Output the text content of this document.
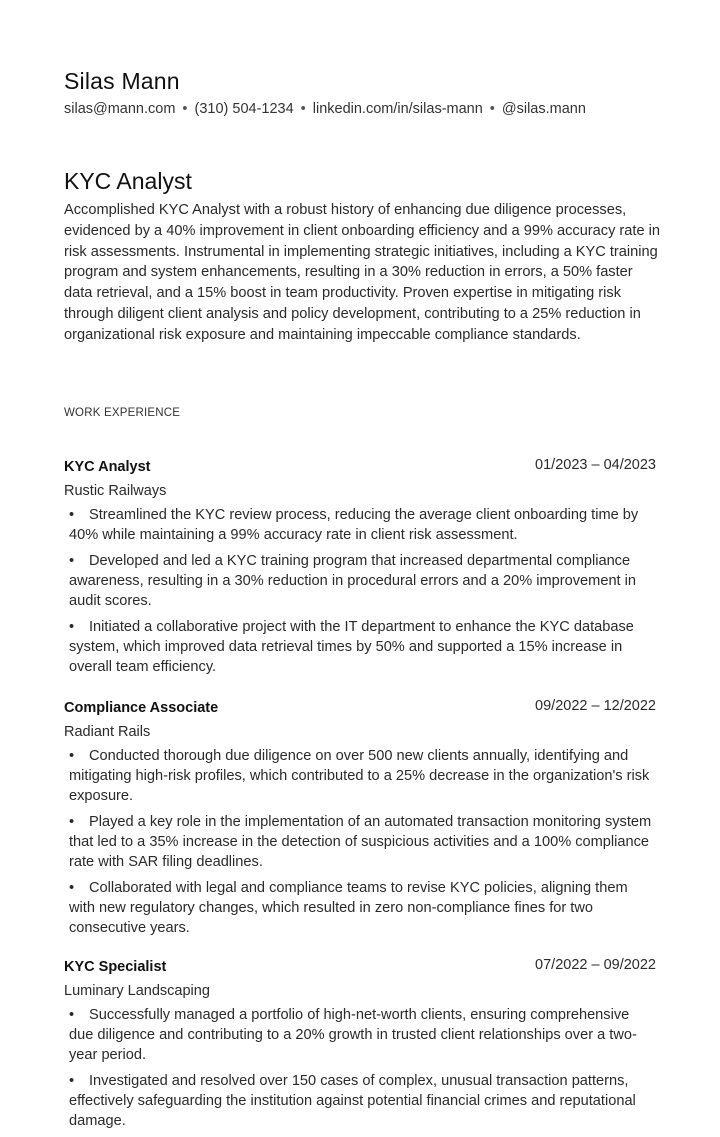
Silas Mann
silas@mann.com • (310) 504-1234 • linkedin.com/in/silas-mann • @silas.mann
KYC Analyst
Accomplished KYC Analyst with a robust history of enhancing due diligence processes, evidenced by a 40% improvement in client onboarding efficiency and a 99% accuracy rate in risk assessments. Instrumental in implementing strategic initiatives, including a KYC training program and system enhancements, resulting in a 30% reduction in errors, a 50% faster data retrieval, and a 15% boost in team productivity. Proven expertise in mitigating risk through diligent client analysis and policy development, contributing to a 25% reduction in organizational risk exposure and maintaining impeccable compliance standards.
WORK EXPERIENCE
KYC Analyst	01/2023 – 04/2023
Rustic Railways
• Streamlined the KYC review process, reducing the average client onboarding time by 40% while maintaining a 99% accuracy rate in client risk assessment.
• Developed and led a KYC training program that increased departmental compliance awareness, resulting in a 30% reduction in procedural errors and a 20% improvement in audit scores.
• Initiated a collaborative project with the IT department to enhance the KYC database system, which improved data retrieval times by 50% and supported a 15% increase in overall team efficiency.
Compliance Associate	09/2022 – 12/2022
Radiant Rails
• Conducted thorough due diligence on over 500 new clients annually, identifying and mitigating high-risk profiles, which contributed to a 25% decrease in the organization's risk exposure.
• Played a key role in the implementation of an automated transaction monitoring system that led to a 35% increase in the detection of suspicious activities and a 100% compliance rate with SAR filing deadlines.
• Collaborated with legal and compliance teams to revise KYC policies, aligning them with new regulatory changes, which resulted in zero non-compliance fines for two consecutive years.
KYC Specialist	07/2022 – 09/2022
Luminary Landscaping
• Successfully managed a portfolio of high-net-worth clients, ensuring comprehensive due diligence and contributing to a 20% growth in trusted client relationships over a two-year period.
• Investigated and resolved over 150 cases of complex, unusual transaction patterns, effectively safeguarding the institution against potential financial crimes and reputational damage.
